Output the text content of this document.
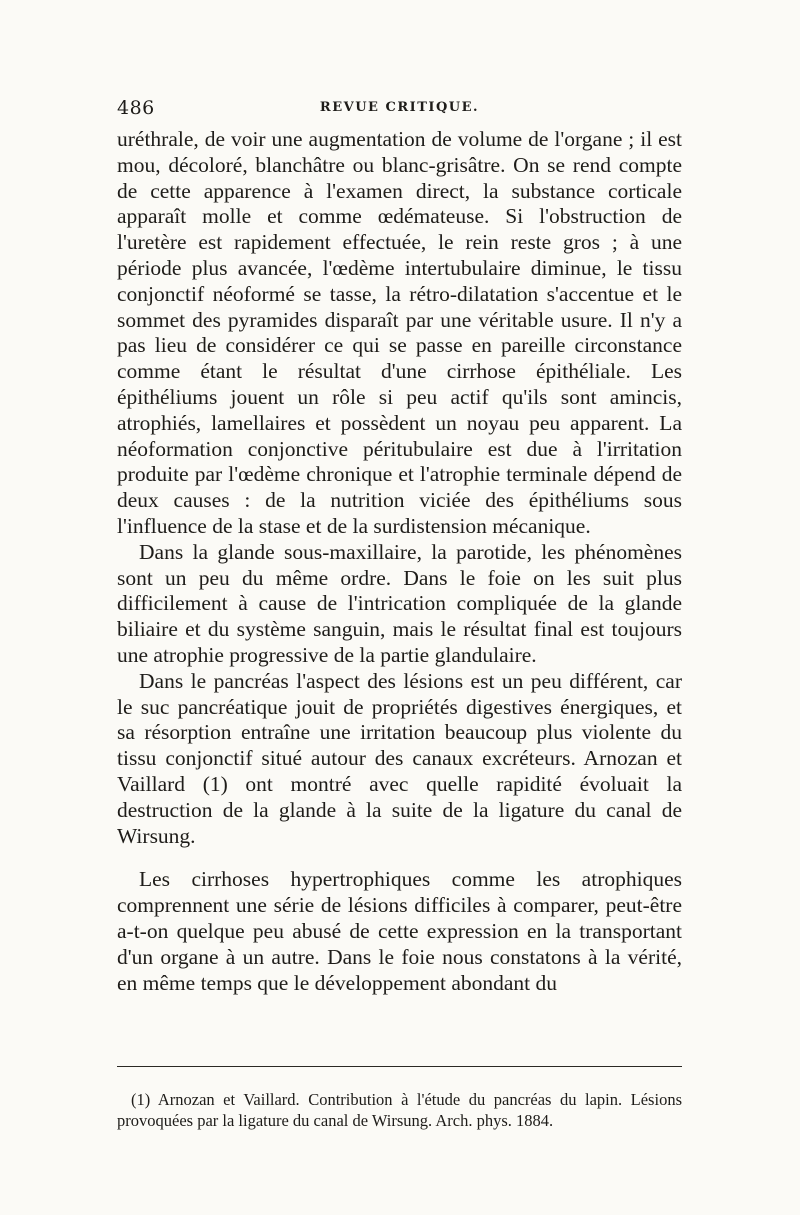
486	REVUE CRITIQUE.

uréthrale, de voir une augmentation de volume de l'organe ; il est mou, décoloré, blanchâtre ou blanc-grisâtre. On se rend compte de cette apparence à l'examen direct, la substance corticale apparaît molle et comme œdémateuse. Si l'obstruction de l'uretère est rapidement effectuée, le rein reste gros ; à une période plus avancée, l'œdème intertubulaire diminue, le tissu conjonctif néoformé se tasse, la rétro-dilatation s'accentue et le sommet des pyramides disparaît par une véritable usure. Il n'y a pas lieu de considérer ce qui se passe en pareille circonstance comme étant le résultat d'une cirrhose épithéliale. Les épithéliums jouent un rôle si peu actif qu'ils sont amincis, atrophiés, lamellaires et possèdent un noyau peu apparent. La néoformation conjonctive péritubulaire est due à l'irritation produite par l'œdème chronique et l'atrophie terminale dépend de deux causes : de la nutrition viciée des épithéliums sous l'influence de la stase et de la surdistension mécanique.

Dans la glande sous-maxillaire, la parotide, les phénomènes sont un peu du même ordre. Dans le foie on les suit plus difficilement à cause de l'intrication compliquée de la glande biliaire et du système sanguin, mais le résultat final est toujours une atrophie progressive de la partie glandulaire.

Dans le pancréas l'aspect des lésions est un peu différent, car le suc pancréatique jouit de propriétés digestives énergiques, et sa résorption entraîne une irritation beaucoup plus violente du tissu conjonctif situé autour des canaux excréteurs. Arnozan et Vaillard (1) ont montré avec quelle rapidité évoluait la destruction de la glande à la suite de la ligature du canal de Wirsung.

Les cirrhoses hypertrophiques comme les atrophiques comprennent une série de lésions difficiles à comparer, peut-être a-t-on quelque peu abusé de cette expression en la transportant d'un organe à un autre. Dans le foie nous constatons à la vérité, en même temps que le développement abondant du

(1) Arnozan et Vaillard. Contribution à l'étude du pancréas du lapin. Lésions provoquées par la ligature du canal de Wirsung. Arch. phys. 1884.
